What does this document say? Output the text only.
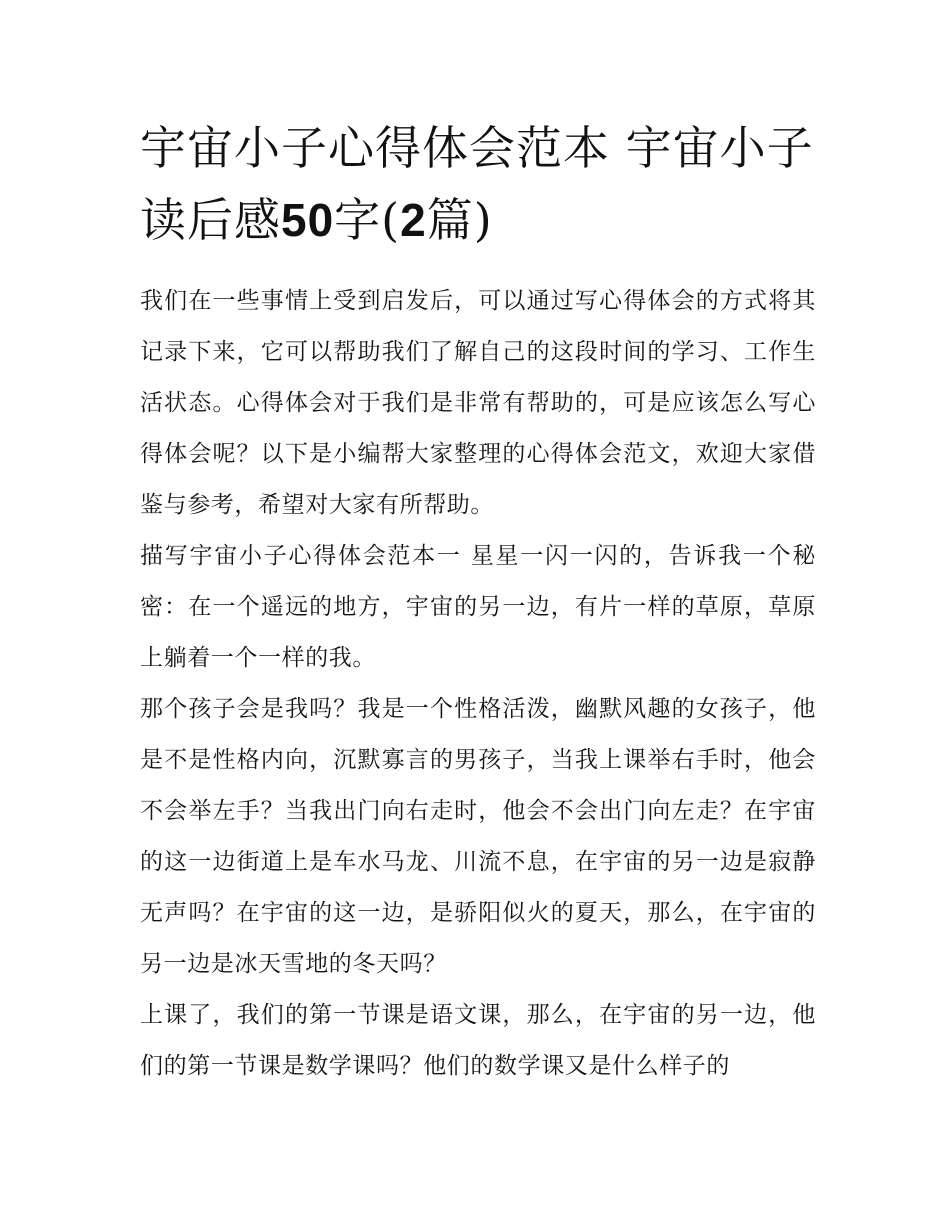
宇宙小子心得体会范本 宇宙小子读后感50字(2篇)

我们在一些事情上受到启发后，可以通过写心得体会的方式将其记录下来，它可以帮助我们了解自己的这段时间的学习、工作生活状态。心得体会对于我们是非常有帮助的，可是应该怎么写心得体会呢？以下是小编帮大家整理的心得体会范文，欢迎大家借鉴与参考，希望对大家有所帮助。

描写宇宙小子心得体会范本一 星星一闪一闪的，告诉我一个秘密：在一个遥远的地方，宇宙的另一边，有片一样的草原，草原上躺着一个一样的我。

那个孩子会是我吗？我是一个性格活泼，幽默风趣的女孩子，他是不是性格内向，沉默寡言的男孩子，当我上课举右手时，他会不会举左手？当我出门向右走时，他会不会出门向左走？在宇宙的这一边街道上是车水马龙、川流不息，在宇宙的另一边是寂静无声吗？在宇宙的这一边，是骄阳似火的夏天，那么，在宇宙的另一边是冰天雪地的冬天吗？

上课了，我们的第一节课是语文课，那么，在宇宙的另一边，他们的第一节课是数学课吗？他们的数学课又是什么样子的
